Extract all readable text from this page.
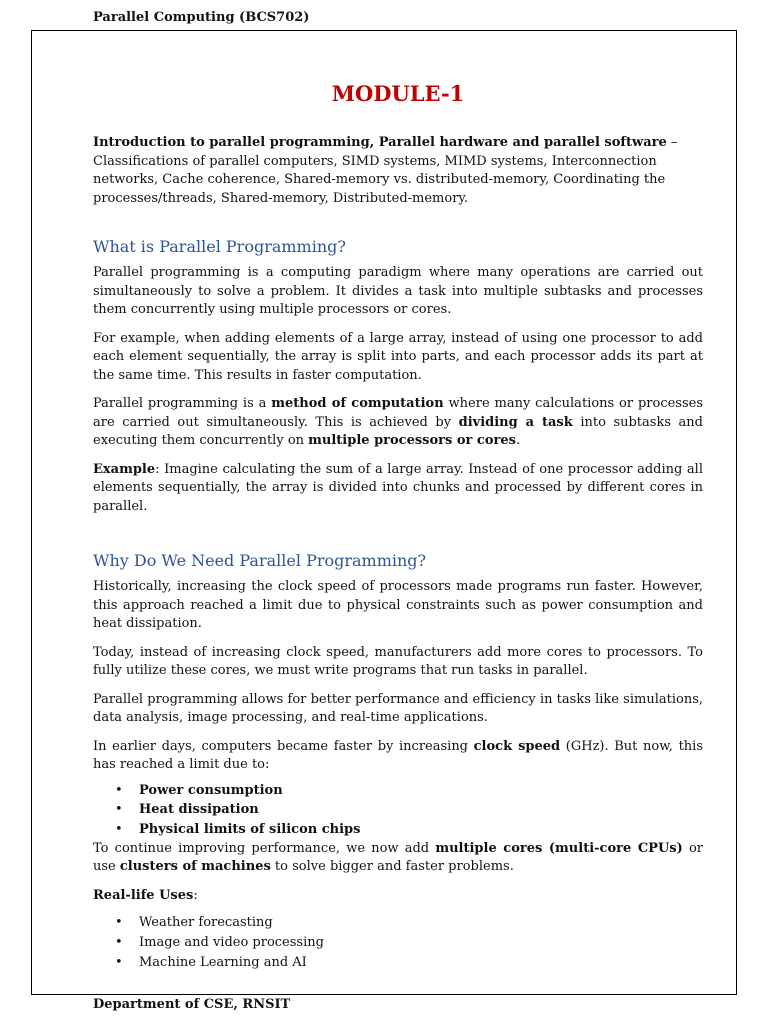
Parallel Computing (BCS702)
MODULE-1

Introduction to parallel programming, Parallel hardware and parallel software – Classifications of parallel computers, SIMD systems, MIMD systems, Interconnection networks, Cache coherence, Shared-memory vs. distributed-memory, Coordinating the processes/threads, Shared-memory, Distributed-memory.

What is Parallel Programming?

Parallel programming is a computing paradigm where many operations are carried out simultaneously to solve a problem. It divides a task into multiple subtasks and processes them concurrently using multiple processors or cores.

For example, when adding elements of a large array, instead of using one processor to add each element sequentially, the array is split into parts, and each processor adds its part at the same time. This results in faster computation.

Parallel programming is a method of computation where many calculations or processes are carried out simultaneously. This is achieved by dividing a task into subtasks and executing them concurrently on multiple processors or cores.

Example: Imagine calculating the sum of a large array. Instead of one processor adding all elements sequentially, the array is divided into chunks and processed by different cores in parallel.

Why Do We Need Parallel Programming?

Historically, increasing the clock speed of processors made programs run faster. However, this approach reached a limit due to physical constraints such as power consumption and heat dissipation.

Today, instead of increasing clock speed, manufacturers add more cores to processors. To fully utilize these cores, we must write programs that run tasks in parallel.

Parallel programming allows for better performance and efficiency in tasks like simulations, data analysis, image processing, and real-time applications.

In earlier days, computers became faster by increasing clock speed (GHz). But now, this has reached a limit due to:

• Power consumption
• Heat dissipation
• Physical limits of silicon chips

To continue improving performance, we now add multiple cores (multi-core CPUs) or use clusters of machines to solve bigger and faster problems.

Real-life Uses:

• Weather forecasting
• Image and video processing
• Machine Learning and AI
Department of CSE, RNSIT
